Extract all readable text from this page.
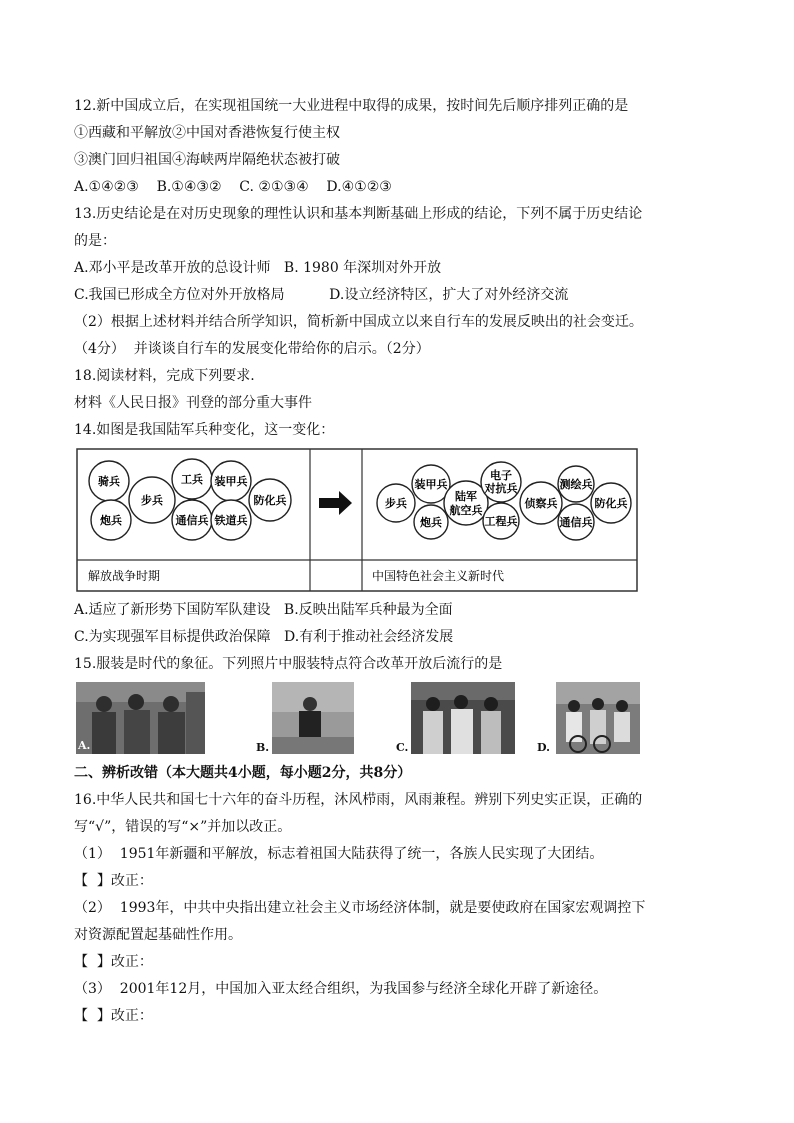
12.新中国成立后，在实现祖国统一大业进程中取得的成果，按时间先后顺序排列正确的是
①西藏和平解放②中国对香港恢复行使主权
③澳门回归祖国④海峡两岸隔绝状态被打破
A.①④②③    B.①④③②    C. ②①③④    D.④①②③
13.历史结论是在对历史现象的理性认识和基本判断基础上形成的结论，下列不属于历史结论
的是：
A.邓小平是改革开放的总设计师   B. 1980 年深圳对外开放
C.我国已形成全方位对外开放格局          D.设立经济特区，扩大了对外经济交流
（2）根据上述材料并结合所学知识，简析新中国成立以来自行车的发展反映出的社会变迁。
（4分）  并谈谈自行车的发展变化带给你的启示。（2分）
18.阅读材料，完成下列要求.
材料《人民日报》刊登的部分重大事件
14.如图是我国陆军兵种变化，这一变化：
骑兵
步兵
工兵 装甲兵
防化兵
炮兵	通信兵 铁道兵
步兵
装甲兵
炮兵
陆军
航空兵
电子
对抗兵
工程兵
侦察兵
测绘兵
防化兵
通信兵
解放战争时期	中国特色社会主义新时代
A.适应了新形势下国防军队建设   B.反映出陆军兵种最为全面
C.为实现强军目标提供政治保障   D.有利于推动社会经济发展
15.服装是时代的象征。下列照片中服装特点符合改革开放后流行的是
A.	B.	C.	D.
二、辨析改错（本大题共4小题，每小题2分，共8分）
16.中华人民共和国七十六年的奋斗历程，沐风栉雨，风雨兼程。辨别下列史实正误，正确的
写“√”，错误的写“×”并加以改正。
（1）  1951年新疆和平解放，标志着祖国大陆获得了统一，各族人民实现了大团结。
【  】改正：
（2）  1993年，中共中央指出建立社会主义市场经济体制，就是要使政府在国家宏观调控下
对资源配置起基础性作用。
【  】改正：
（3）  2001年12月，中国加入亚太经合组织，为我国参与经济全球化开辟了新途径。
【  】改正：
